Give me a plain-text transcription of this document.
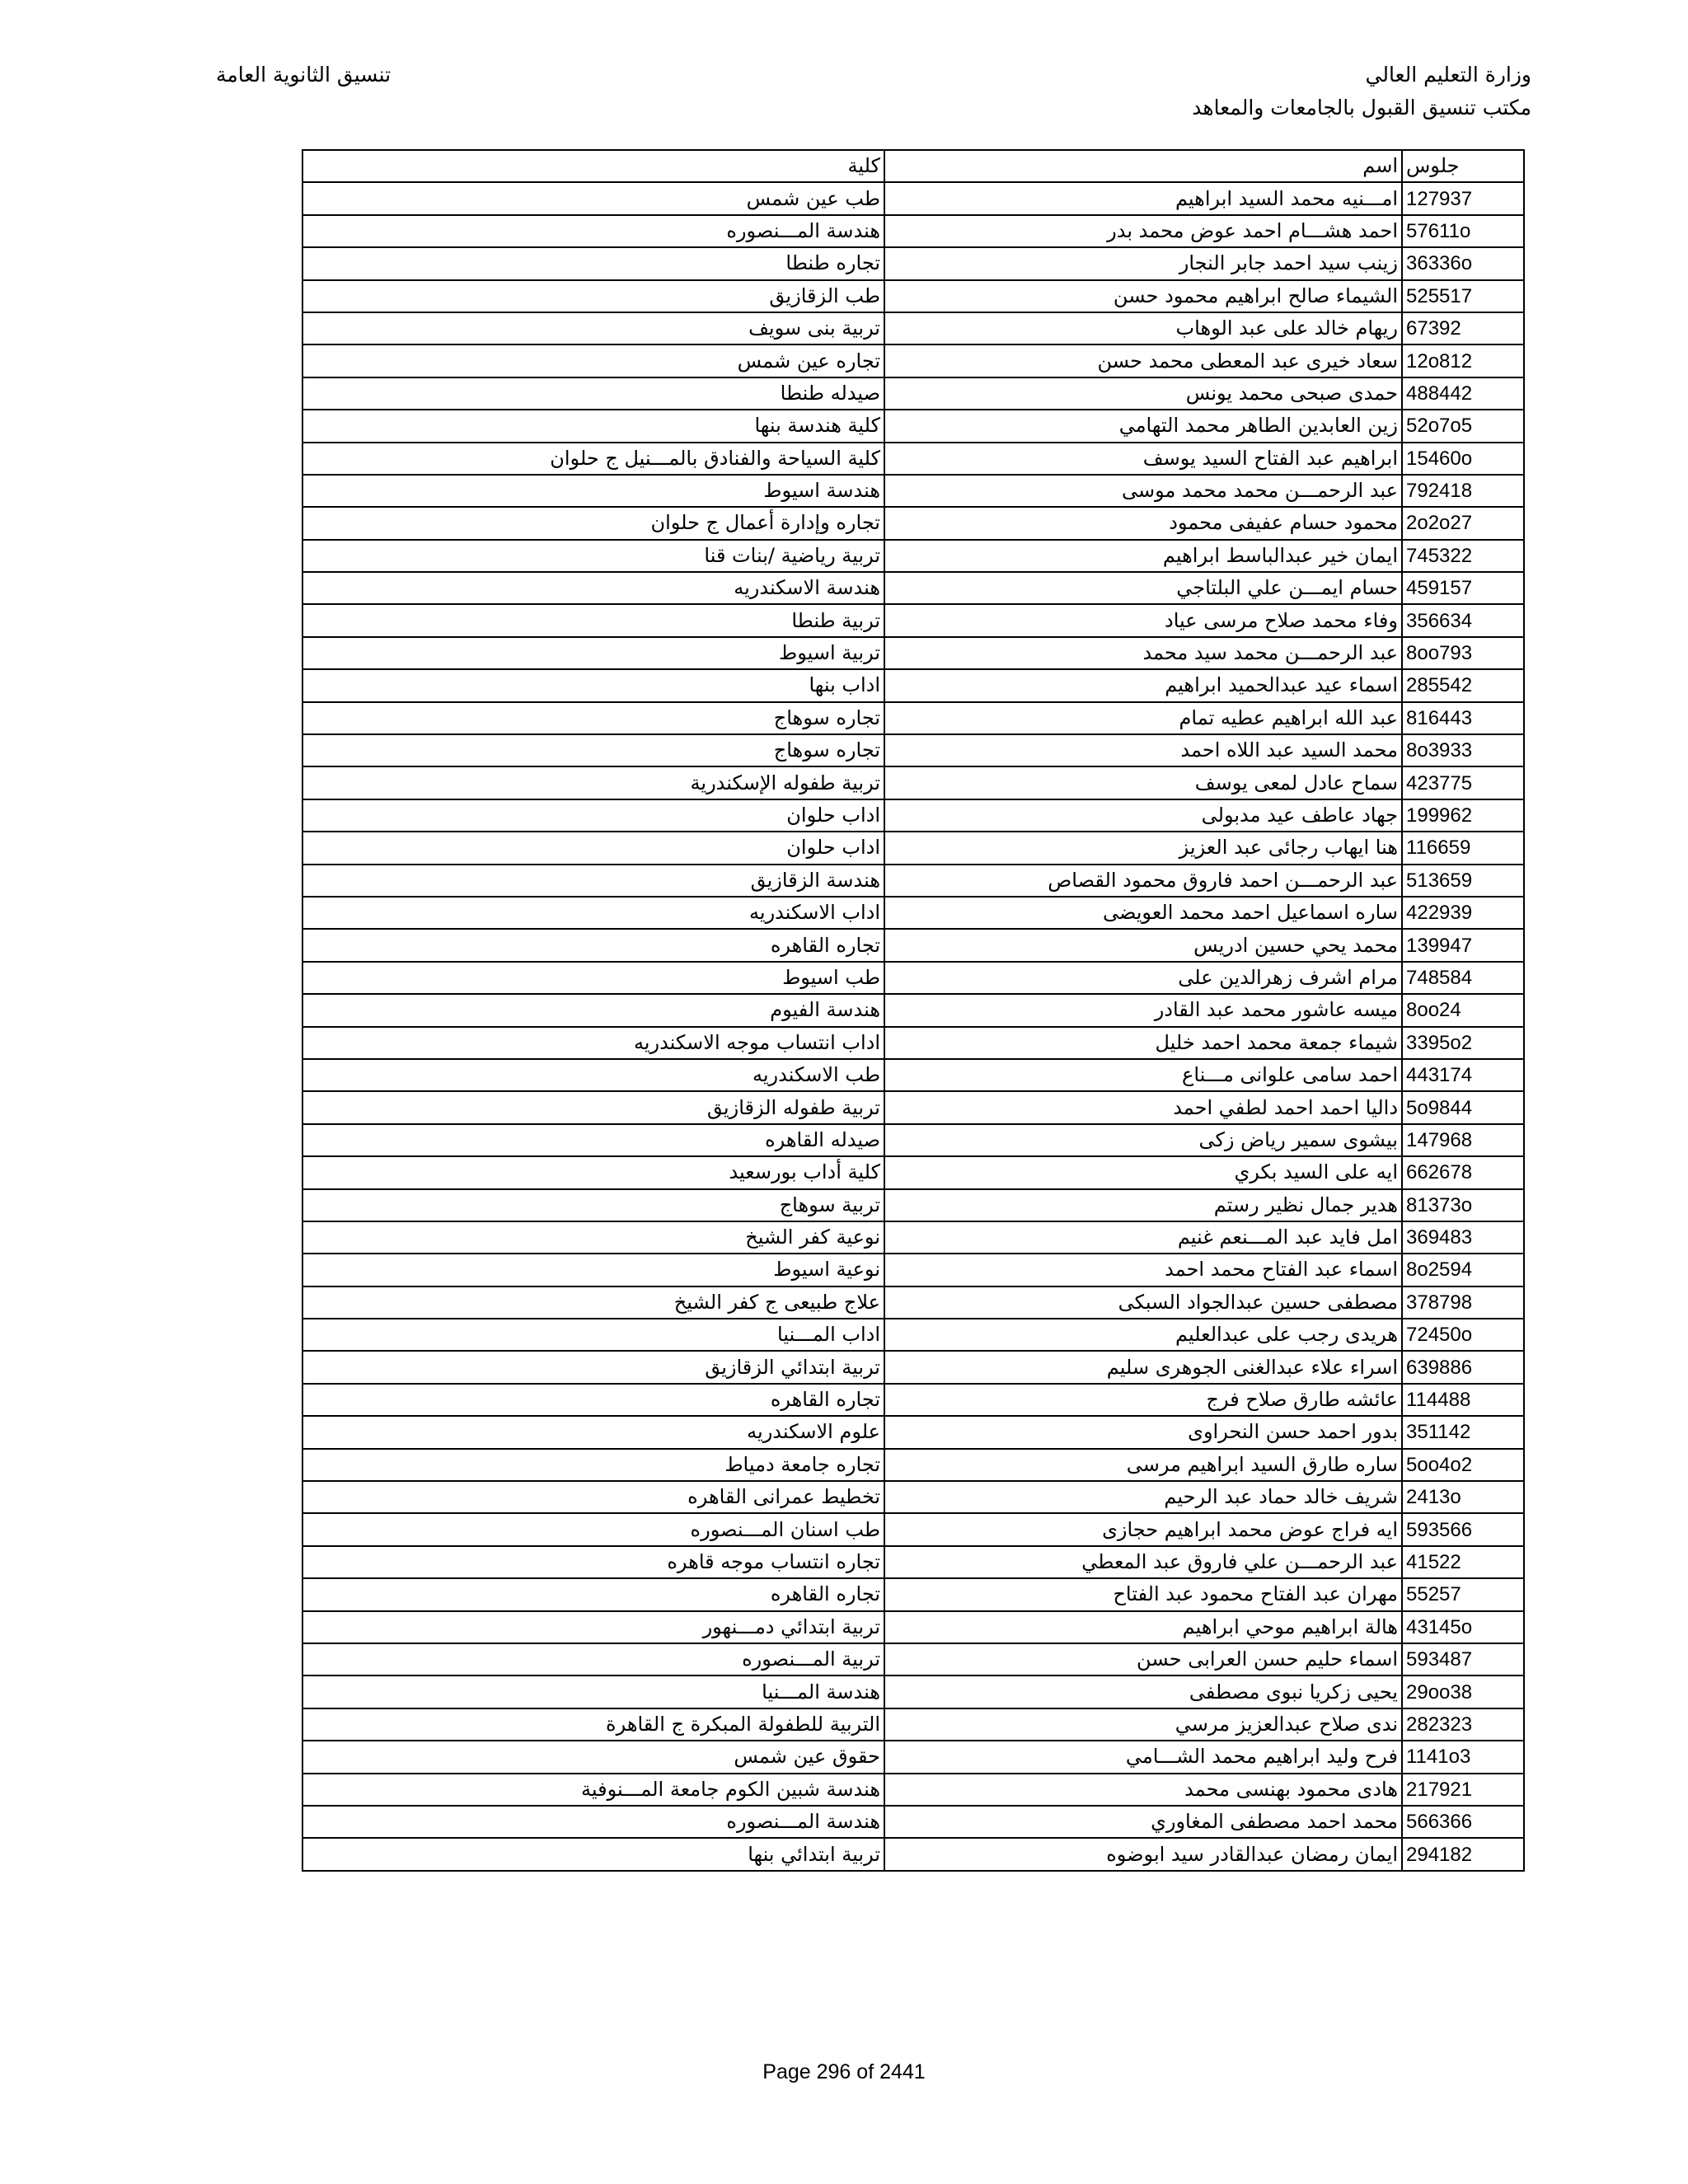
وزارة التعليم العالي
مكتب تنسيق القبول بالجامعات والمعاهد
تنسيق الثانوية العامة
كلية	اسم	جلوس
طب عين شمس	امـــنيه محمد السيد ابراهيم	127937
هندسة المـــنصوره	احمد هشـــام احمد عوض محمد بدر	57611o
تجاره طنطا	زينب سيد احمد جابر النجار	36336o
طب الزقازيق	الشيماء صالح ابراهيم محمود حسن	525517
تربية بنى سويف	ريهام خالد على عبد الوهاب	67392
تجاره عين شمس	سعاد خيرى عبد المعطى محمد حسن	12o812
صيدله طنطا	حمدى صبحى محمد يونس	488442
كلية هندسة بنها	زين العابدين الطاهر محمد التهامي	52o7o5
كلية السياحة والفنادق بالمـــنيل ج حلوان	ابراهيم عبد الفتاح السيد يوسف	15460o
هندسة اسيوط	عبد الرحمـــن محمد محمد موسى	792418
تجاره وإدارة أعمال ج حلوان	محمود حسام عفيفى محمود	2o2o27
تربية رياضية /بنات قنا	ايمان خير عبدالباسط ابراهيم	745322
هندسة الاسكندريه	حسام ايمـــن علي البلتاجي	459157
تربية طنطا	وفاء محمد صلاح مرسى عياد	356634
تربية اسيوط	عبد الرحمـــن محمد سيد محمد	8oo793
اداب بنها	اسماء عيد عبدالحميد ابراهيم	285542
تجاره سوهاج	عبد الله ابراهيم عطيه تمام	816443
تجاره سوهاج	محمد السيد عبد اللاه احمد	8o3933
تربية طفوله الإسكندرية	سماح عادل لمعى يوسف	423775
اداب حلوان	جهاد عاطف عيد مدبولى	199962
اداب حلوان	هنا ايهاب رجائى عبد العزيز	116659
هندسة الزقازيق	عبد الرحمـــن احمد فاروق محمود القصاص	513659
اداب الاسكندريه	ساره اسماعيل احمد محمد العويضى	422939
تجاره القاهره	محمد يحي حسين ادريس	139947
طب اسيوط	مرام اشرف زهرالدين على	748584
هندسة الفيوم	ميسه عاشور محمد عبد القادر	8oo24
اداب انتساب موجه الاسكندريه	شيماء جمعة محمد احمد خليل	3395o2
طب الاسكندريه	احمد سامى علوانى مـــناع	443174
تربية طفوله الزقازيق	داليا احمد احمد لطفي احمد	5o9844
صيدله القاهره	بيشوى سمير رياض زكى	147968
كلية أداب بورسعيد	ايه على السيد بكري	662678
تربية سوهاج	هدير جمال نظير رستم	81373o
نوعية كفر الشيخ	امل فايد عبد المـــنعم غنيم	369483
نوعية اسيوط	اسماء عبد الفتاح محمد احمد	8o2594
علاج طبيعى ج كفر الشيخ	مصطفى حسين عبدالجواد السبكى	378798
اداب المـــنيا	هريدى رجب على عبدالعليم	72450o
تربية ابتدائي الزقازيق	اسراء علاء عبدالغنى الجوهرى سليم	639886
تجاره القاهره	عائشه طارق صلاح فرج	114488
علوم الاسكندريه	بدور احمد حسن النحراوى	351142
تجاره جامعة دمياط	ساره طارق السيد ابراهيم مرسى	5oo4o2
تخطيط عمرانى القاهره	شريف خالد حماد عبد الرحيم	2413o
طب اسنان المـــنصوره	ايه فراج عوض محمد ابراهيم حجازى	593566
تجاره انتساب موجه قاهره	عبد الرحمـــن علي فاروق عبد المعطي	41522
تجاره القاهره	مهران عبد الفتاح محمود عبد الفتاح	55257
تربية ابتدائي دمـــنهور	هالة ابراهيم موحي ابراهيم	43145o
تربية المـــنصوره	اسماء حليم حسن العرابى حسن	593487
هندسة المـــنيا	يحيى زكريا نبوى مصطفى	29oo38
التربية للطفولة المبكرة ج القاهرة	ندى صلاح عبدالعزيز مرسي	282323
حقوق عين شمس	فرح وليد ابراهيم محمد الشـــامي	1141o3
هندسة شبين الكوم جامعة المـــنوفية	هادى محمود بهنسى محمد	217921
هندسة المـــنصوره	محمد احمد مصطفى المغاوري	566366
تربية ابتدائي بنها	ايمان رمضان عبدالقادر سيد ابوضوه	294182
Page 296 of 2441
